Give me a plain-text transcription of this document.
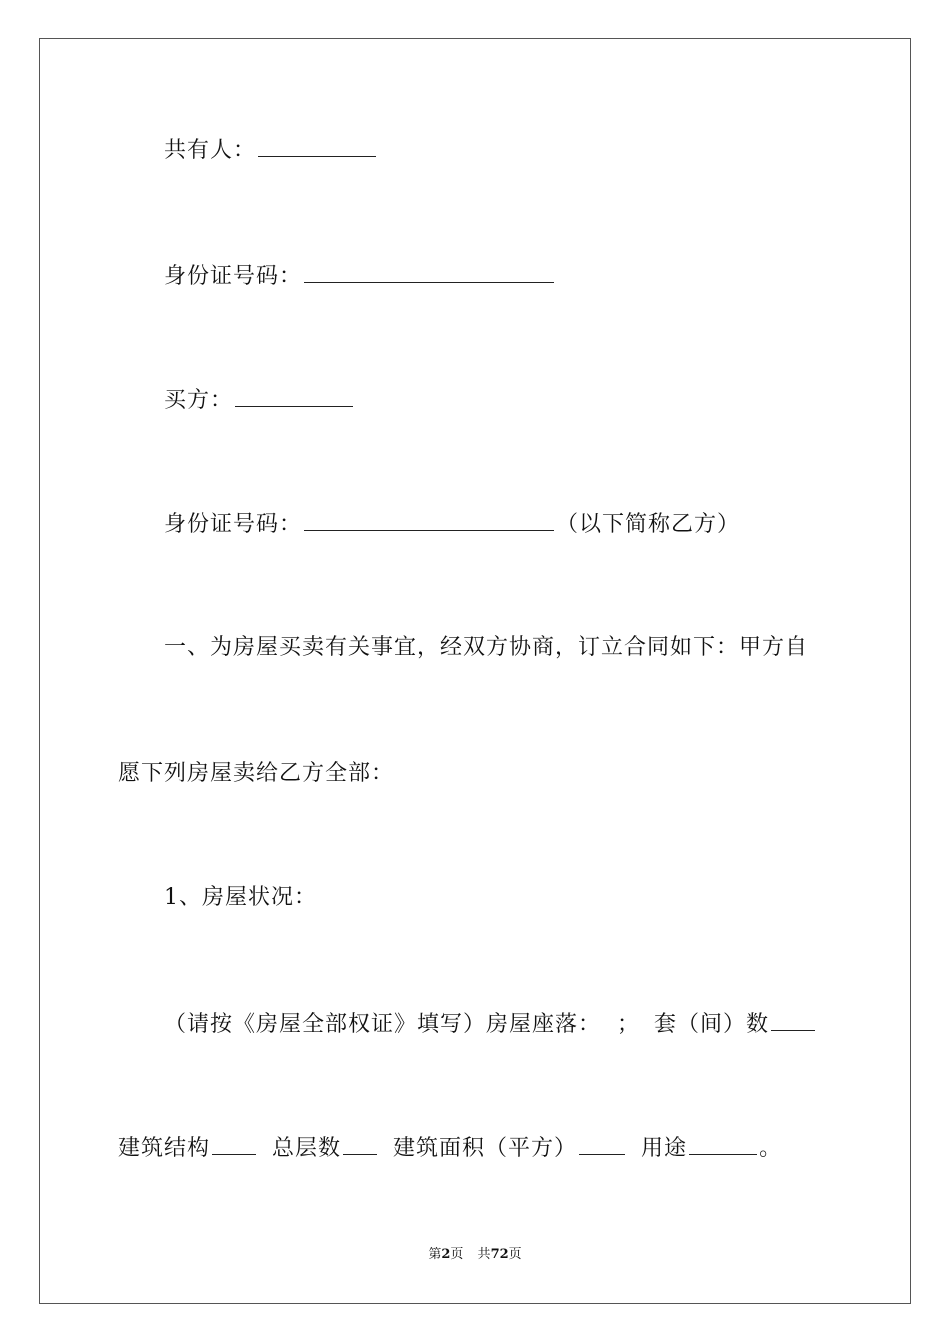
共有人：
身份证号码：
买方：
身份证号码：	（以下简称乙方）
一、为房屋买卖有关事宜，经双方协商，订立合同如下：甲方自
愿下列房屋卖给乙方全部：
1、房屋状况：
（请按《房屋全部权证》填写）房屋座落： ； 套（间）数
建筑结构	总层数 建筑面积（平方）	用途	。
第2页 共72页
